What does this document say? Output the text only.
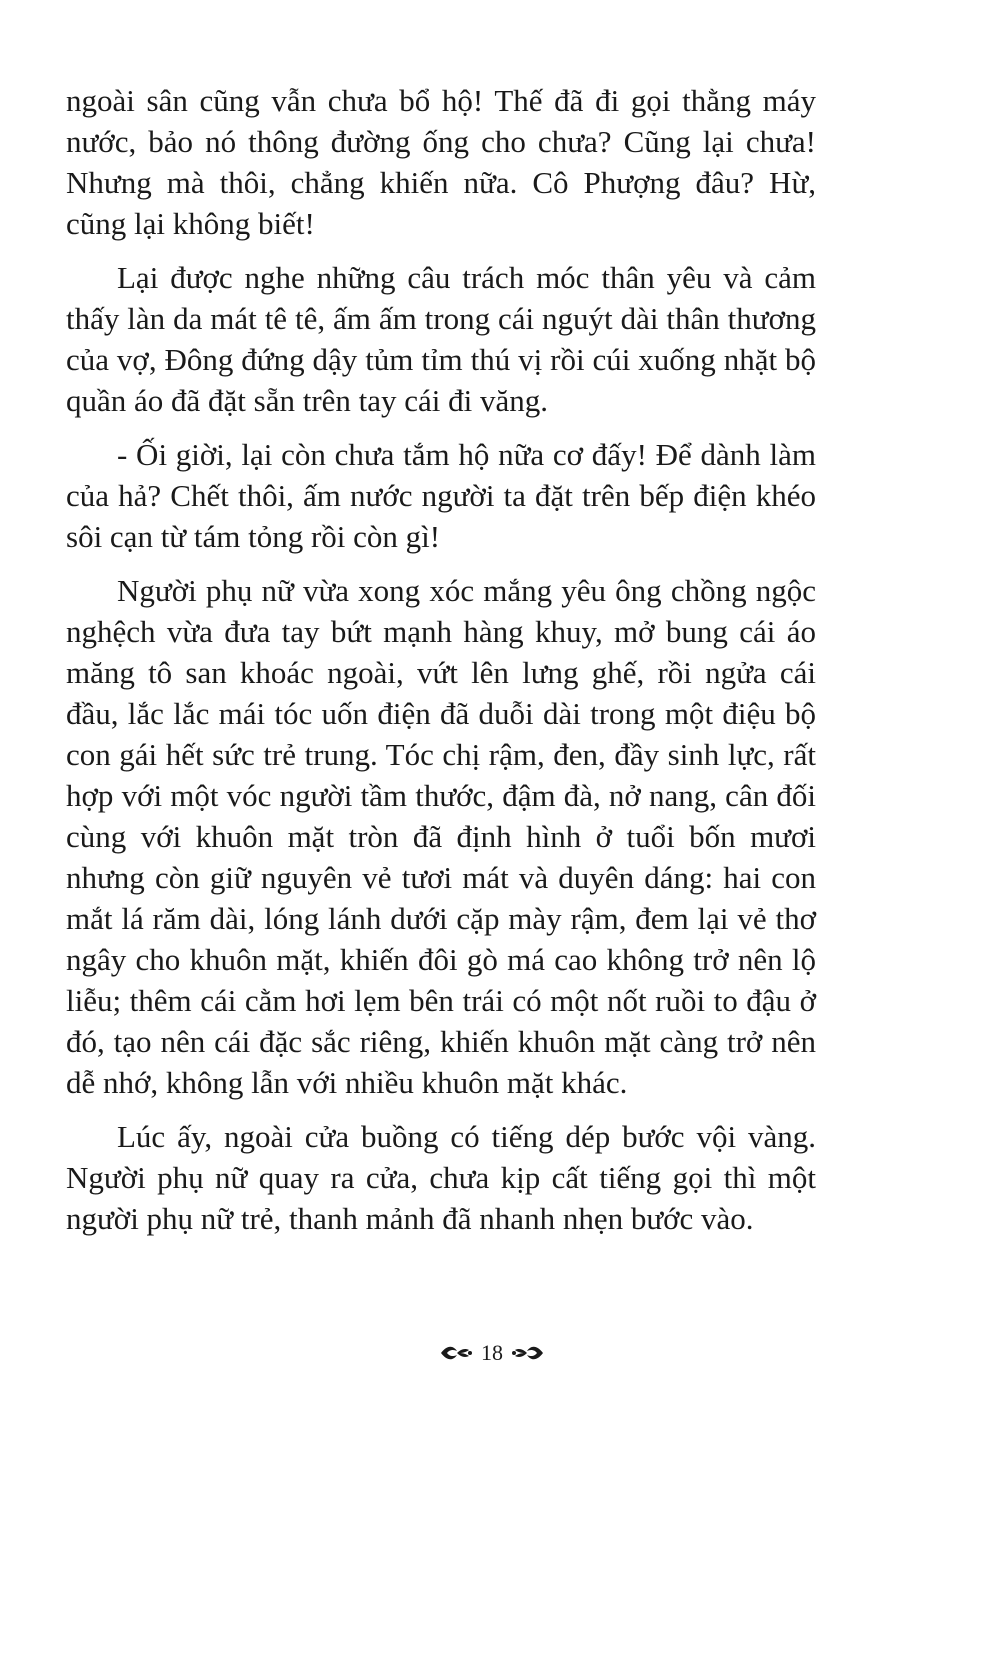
ngoài sân cũng vẫn chưa bổ hộ! Thế đã đi gọi thằng máy nước, bảo nó thông đường ống cho chưa? Cũng lại chưa! Nhưng mà thôi, chẳng khiến nữa. Cô Phượng đâu? Hừ, cũng lại không biết!

Lại được nghe những câu trách móc thân yêu và cảm thấy làn da mát tê tê, ấm ấm trong cái nguýt dài thân thương của vợ, Đông đứng dậy tủm tỉm thú vị rồi cúi xuống nhặt bộ quần áo đã đặt sẵn trên tay cái đi văng.

- Ối giời, lại còn chưa tắm hộ nữa cơ đấy! Để dành làm của hả? Chết thôi, ấm nước người ta đặt trên bếp điện khéo sôi cạn từ tám tỏng rồi còn gì!

Người phụ nữ vừa xong xóc mắng yêu ông chồng ngộc nghệch vừa đưa tay bứt mạnh hàng khuy, mở bung cái áo măng tô san khoác ngoài, vứt lên lưng ghế, rồi ngửa cái đầu, lắc lắc mái tóc uốn điện đã duỗi dài trong một điệu bộ con gái hết sức trẻ trung. Tóc chị rậm, đen, đầy sinh lực, rất hợp với một vóc người tầm thước, đậm đà, nở nang, cân đối cùng với khuôn mặt tròn đã định hình ở tuổi bốn mươi nhưng còn giữ nguyên vẻ tươi mát và duyên dáng: hai con mắt lá răm dài, lóng lánh dưới cặp mày rậm, đem lại vẻ thơ ngây cho khuôn mặt, khiến đôi gò má cao không trở nên lộ liễu; thêm cái cằm hơi lẹm bên trái có một nốt ruồi to đậu ở đó, tạo nên cái đặc sắc riêng, khiến khuôn mặt càng trở nên dễ nhớ, không lẫn với nhiều khuôn mặt khác.

Lúc ấy, ngoài cửa buồng có tiếng dép bước vội vàng. Người phụ nữ quay ra cửa, chưa kịp cất tiếng gọi thì một người phụ nữ trẻ, thanh mảnh đã nhanh nhẹn bước vào.

18
